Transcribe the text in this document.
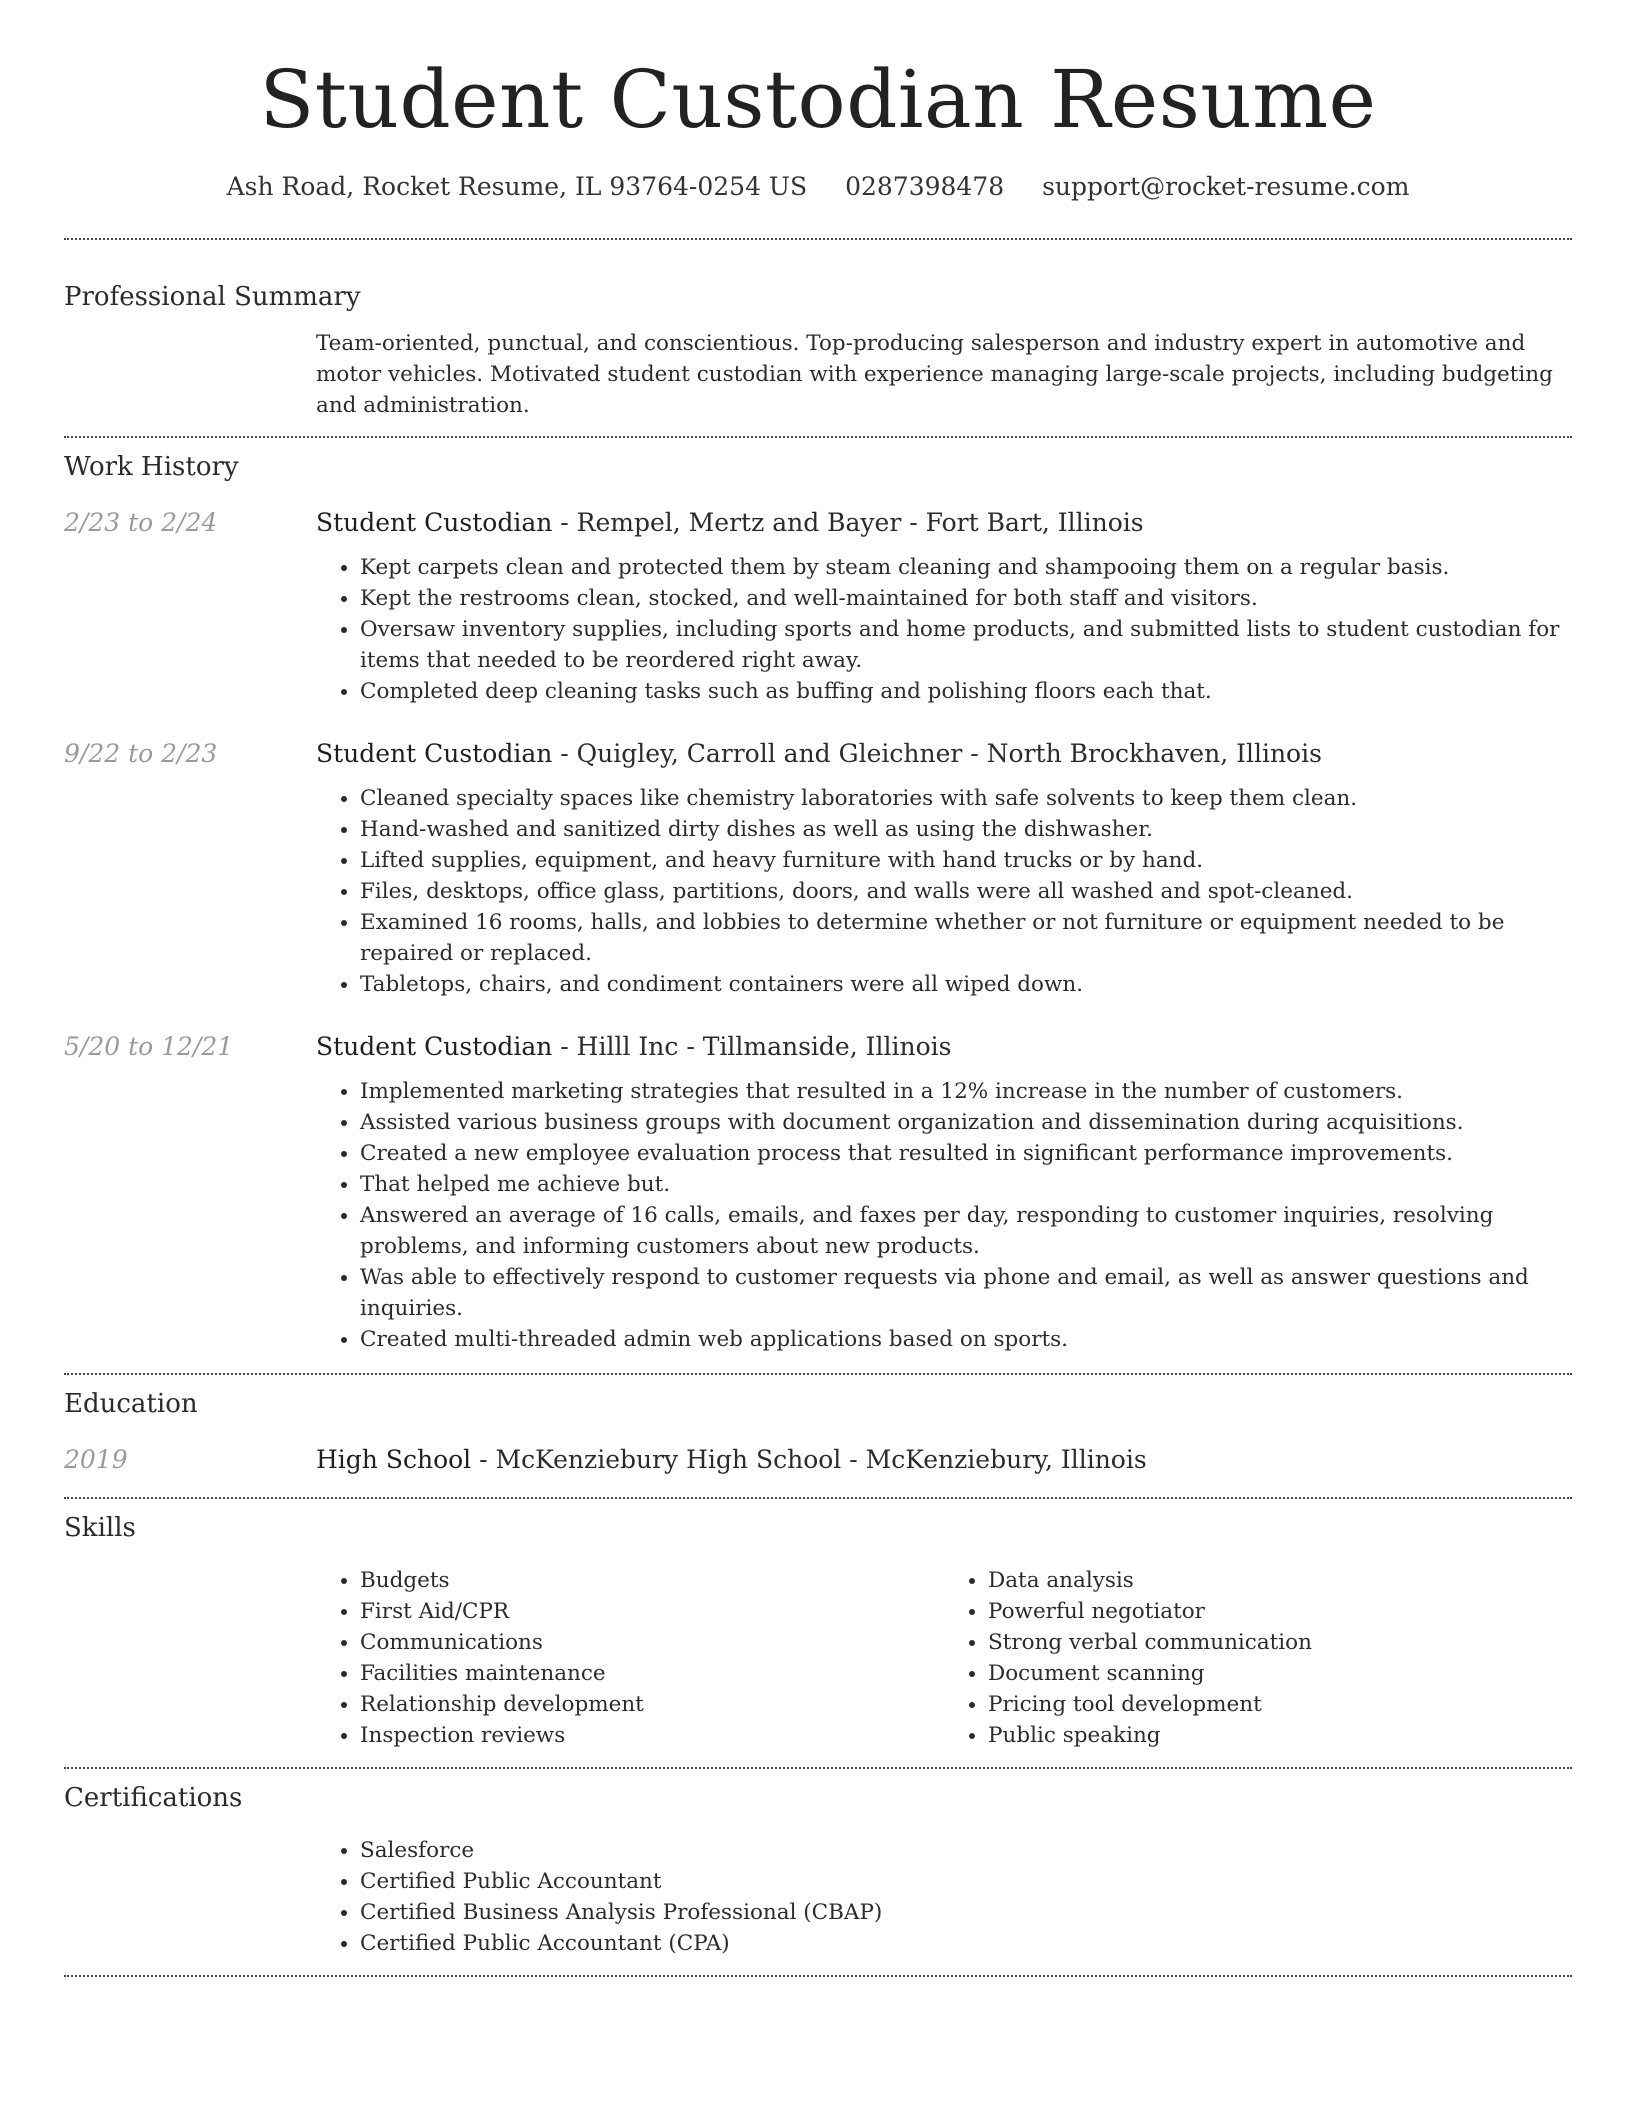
Student Custodian Resume
Ash Road, Rocket Resume, IL 93764-0254 US 0287398478 support@rocket-resume.com
Professional Summary
Team-oriented, punctual, and conscientious. Top-producing salesperson and industry expert in automotive and motor vehicles. Motivated student custodian with experience managing large-scale projects, including budgeting and administration.
Work History
2/23 to 2/24	Student Custodian - Rempel, Mertz and Bayer - Fort Bart, Illinois
• Kept carpets clean and protected them by steam cleaning and shampooing them on a regular basis.
• Kept the restrooms clean, stocked, and well-maintained for both staff and visitors.
• Oversaw inventory supplies, including sports and home products, and submitted lists to student custodian for items that needed to be reordered right away.
• Completed deep cleaning tasks such as buffing and polishing floors each that.
9/22 to 2/23	Student Custodian - Quigley, Carroll and Gleichner - North Brockhaven, Illinois
• Cleaned specialty spaces like chemistry laboratories with safe solvents to keep them clean.
• Hand-washed and sanitized dirty dishes as well as using the dishwasher.
• Lifted supplies, equipment, and heavy furniture with hand trucks or by hand.
• Files, desktops, office glass, partitions, doors, and walls were all washed and spot-cleaned.
• Examined 16 rooms, halls, and lobbies to determine whether or not furniture or equipment needed to be repaired or replaced.
• Tabletops, chairs, and condiment containers were all wiped down.
5/20 to 12/21	Student Custodian - Hilll Inc - Tillmanside, Illinois
• Implemented marketing strategies that resulted in a 12% increase in the number of customers.
• Assisted various business groups with document organization and dissemination during acquisitions.
• Created a new employee evaluation process that resulted in significant performance improvements.
• That helped me achieve but.
• Answered an average of 16 calls, emails, and faxes per day, responding to customer inquiries, resolving problems, and informing customers about new products.
• Was able to effectively respond to customer requests via phone and email, as well as answer questions and inquiries.
• Created multi-threaded admin web applications based on sports.
Education
2019	High School - McKenziebury High School - McKenziebury, Illinois
Skills
• Budgets
• First Aid/CPR
• Communications
• Facilities maintenance
• Relationship development
• Inspection reviews
• Data analysis
• Powerful negotiator
• Strong verbal communication
• Document scanning
• Pricing tool development
• Public speaking
Certifications
• Salesforce
• Certified Public Accountant
• Certified Business Analysis Professional (CBAP)
• Certified Public Accountant (CPA)
